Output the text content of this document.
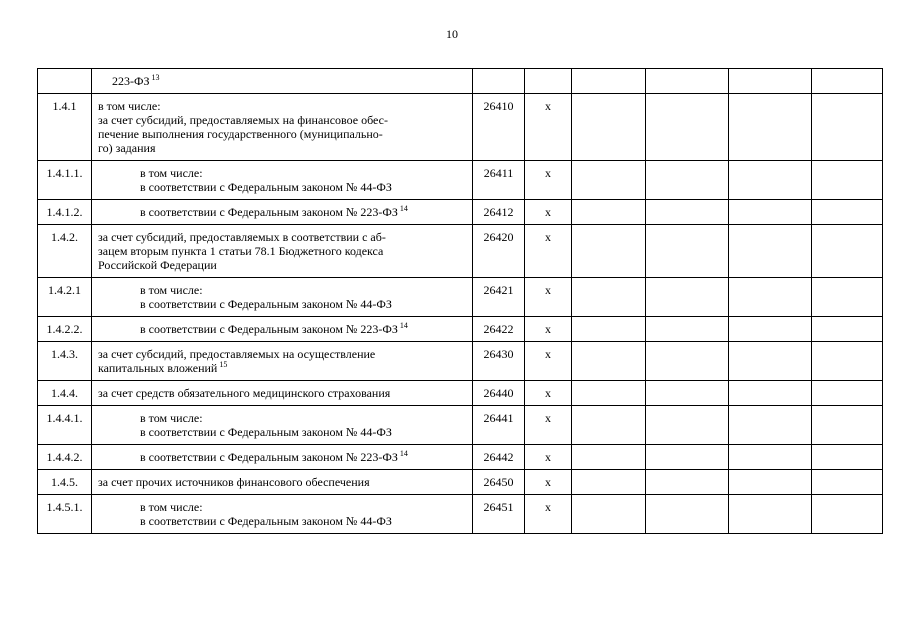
10

	223-ФЗ $^{13}$

1.4.1	в том числе:
за счет субсидий, предоставляемых на финансовое обес-
печение выполнения государственного (муниципально-
го) задания	26410	х				
1.4.1.1.	в том числе:
в соответствии с Федеральным законом № 44-ФЗ	26411	х				
1.4.1.2.	в соответствии с Федеральным законом № 223-ФЗ $^{14}$	26412	х				
1.4.2.	за счет субсидий, предоставляемых в соответствии с аб-
зацем вторым пункта 1 статьи 78.1 Бюджетного кодекса
Российской Федерации	26420	х				
1.4.2.1	в том числе:
в соответствии с Федеральным законом № 44-ФЗ	26421	х				
1.4.2.2.	в соответствии с Федеральным законом № 223-ФЗ $^{14}$	26422	х				
1.4.3.	за счет субсидий, предоставляемых на осуществление
капитальных вложений $^{15}$	26430	х				
1.4.4.	за счет средств обязательного медицинского страхования	26440	х				
1.4.4.1.	в том числе:
в соответствии с Федеральным законом № 44-ФЗ	26441	х				
1.4.4.2.	в соответствии с Федеральным законом № 223-ФЗ $^{14}$	26442	х				
1.4.5.	за счет прочих источников финансового обеспечения	26450	х				
1.4.5.1.	в том числе:
в соответствии с Федеральным законом № 44-ФЗ	26451	х				
